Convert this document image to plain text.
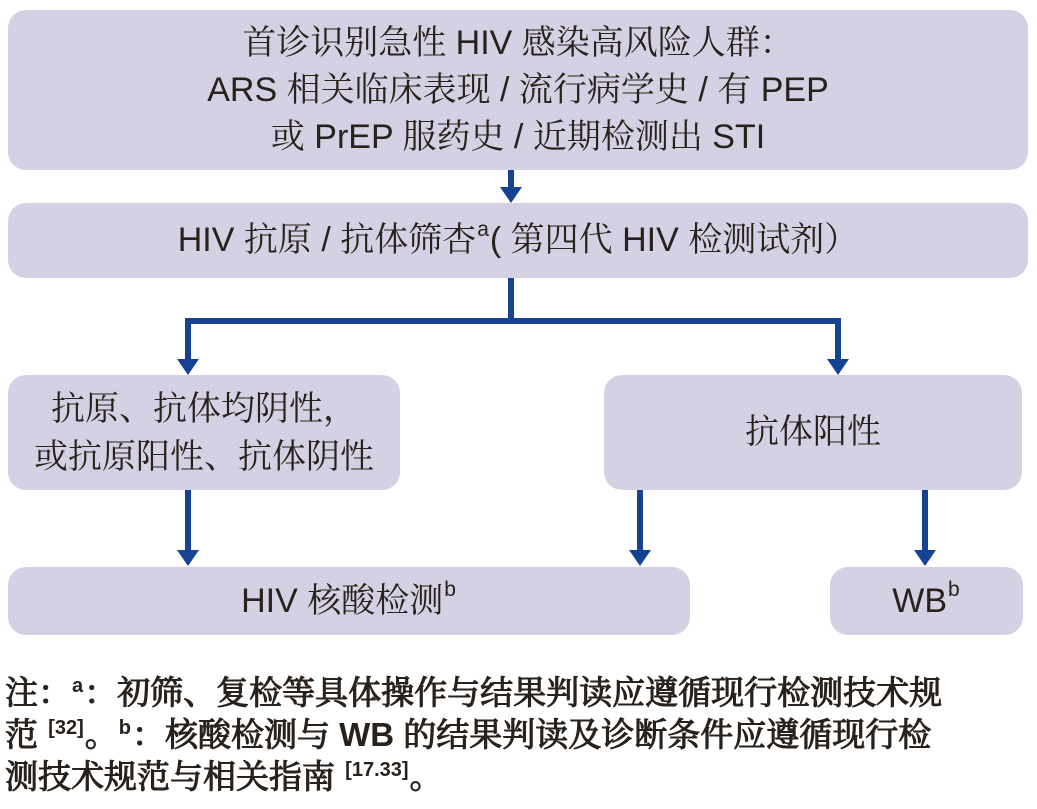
首诊识别急性 HIV 感染高风险人群：
ARS 相关临床表现 / 流行病学史 / 有 PEP
或 PrEP 服药史 / 近期检测出 STI
HIV 抗原 / 抗体筛杏 a ( 第四代 HIV 检测试剂）
抗原、抗体均阴性，
或抗原阳性、抗体阴性
抗体阳性
HIV 核酸检测 b	WB b
注：$^a$：初筛、复检等具体操作与结果判读应遵循现行检测技术规
范 [32]。$^b$：核酸检测与 WB 的结果判读及诊断条件应遵循现行检
测技术规范与相关指南 [17.33]。
